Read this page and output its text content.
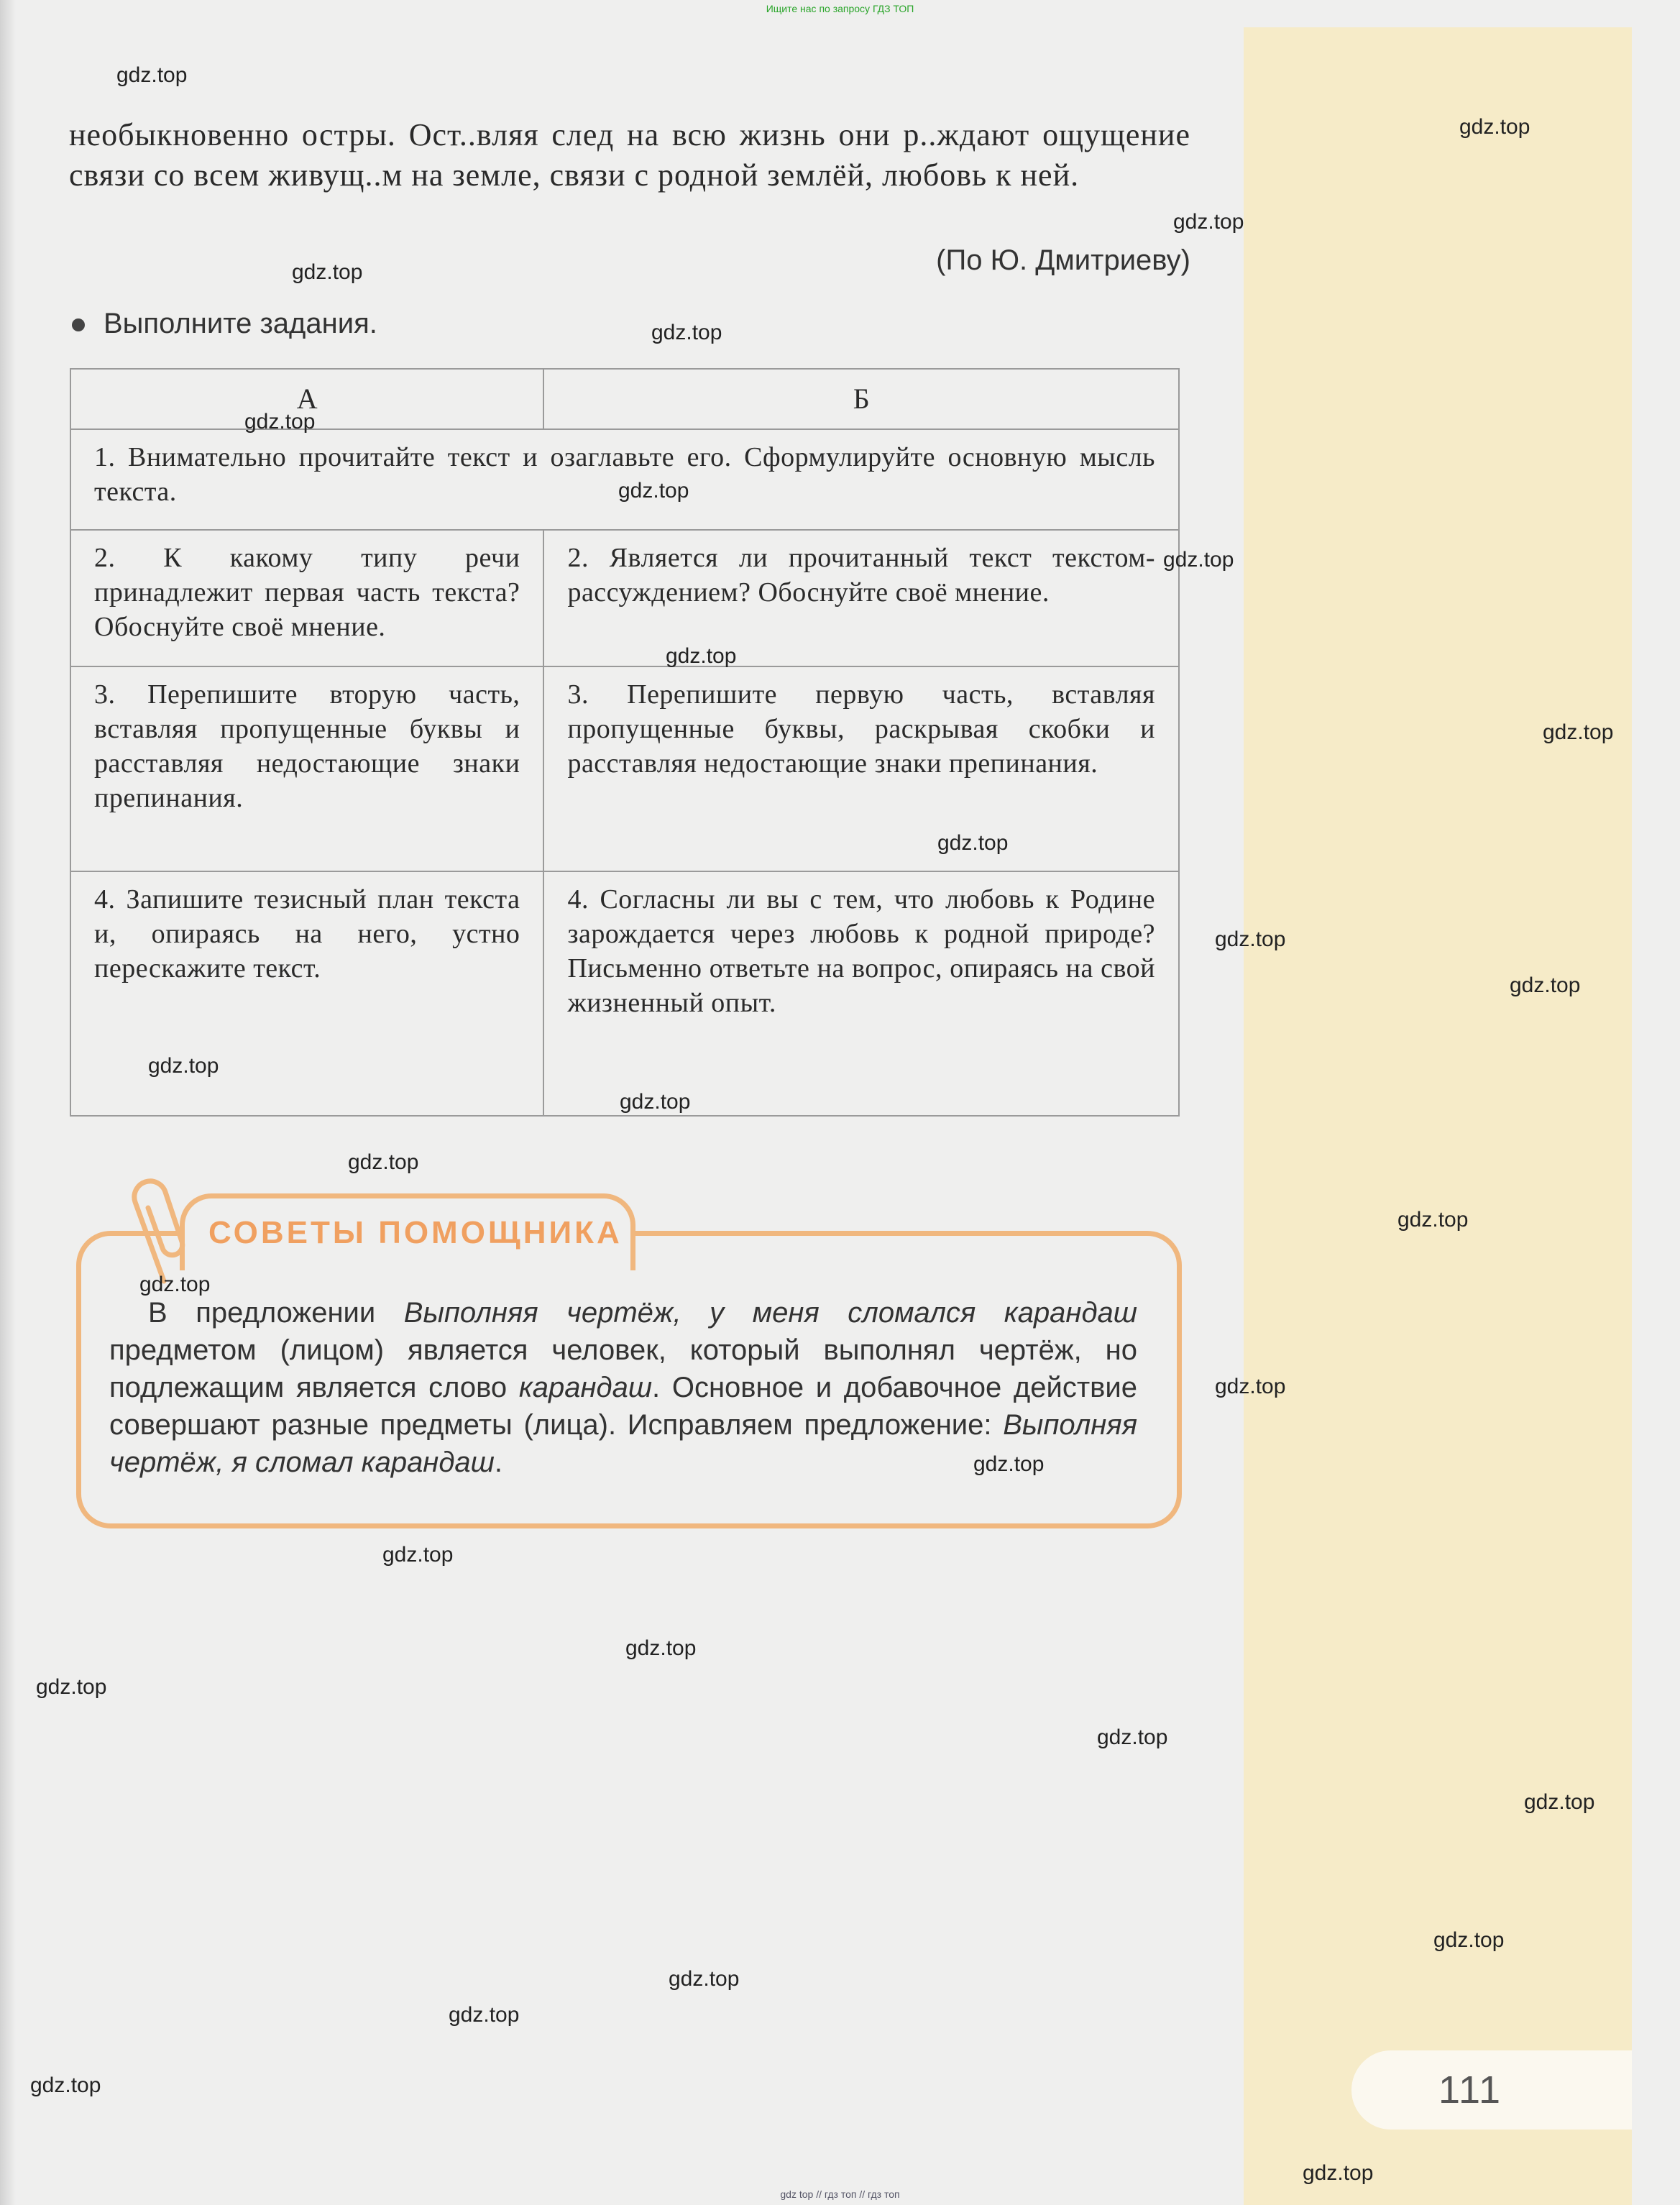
Ищите нас по запросу ГДЗ ТОП
необыкновенно остры. Ост..вляя след на всю жизнь они р..ждают ощущение связи со всем живущ..м на земле, связи с родной землёй, любовь к ней.
(По Ю. Дмитриеву)
Выполните задания.
А	Б
1. Внимательно прочитайте текст и озаглавьте его. Сформулируйте основную мысль текста.	
2. К какому типу речи принадлежит первая часть текста? Обоснуйте своё мнение.	2. Является ли прочитанный текст текстом-рассуждением? Обоснуйте своё мнение.
3. Перепишите вторую часть, вставляя пропущенные буквы и расставляя недостающие знаки препинания.	3. Перепишите первую часть, вставляя пропущенные буквы, раскрывая скобки и расставляя недостающие знаки препинания.
4. Запишите тезисный план текста и, опираясь на него, устно перескажите текст.	4. Согласны ли вы с тем, что любовь к Родине зарождается через любовь к родной природе? Письменно ответьте на вопрос, опираясь на свой жизненный опыт.
СОВЕТЫ ПОМОЩНИКА
В предложении Выполняя чертёж, у меня сломался карандаш предметом (лицом) является человек, который выполнял чертёж, но подлежащим является слово карандаш. Основное и добавочное действие совершают разные предметы (лица). Исправляем предложение: Выполняя чертёж, я сломал карандаш.
111
gdz.top
gdz.top
gdz.top
gdz.top
gdz.top
gdz.top
gdz.top
gdz.top
gdz.top
gdz.top
gdz.top
gdz.top
gdz.top
gdz.top
gdz.top
gdz.top
gdz.top
gdz.top
gdz.top
gdz.top
gdz.top
gdz.top
gdz.top
gdz.top
gdz.top
gdz.top
gdz.top
gdz.top
gdz.top
gdz.top
gdz top // гдз топ // гдз топ
